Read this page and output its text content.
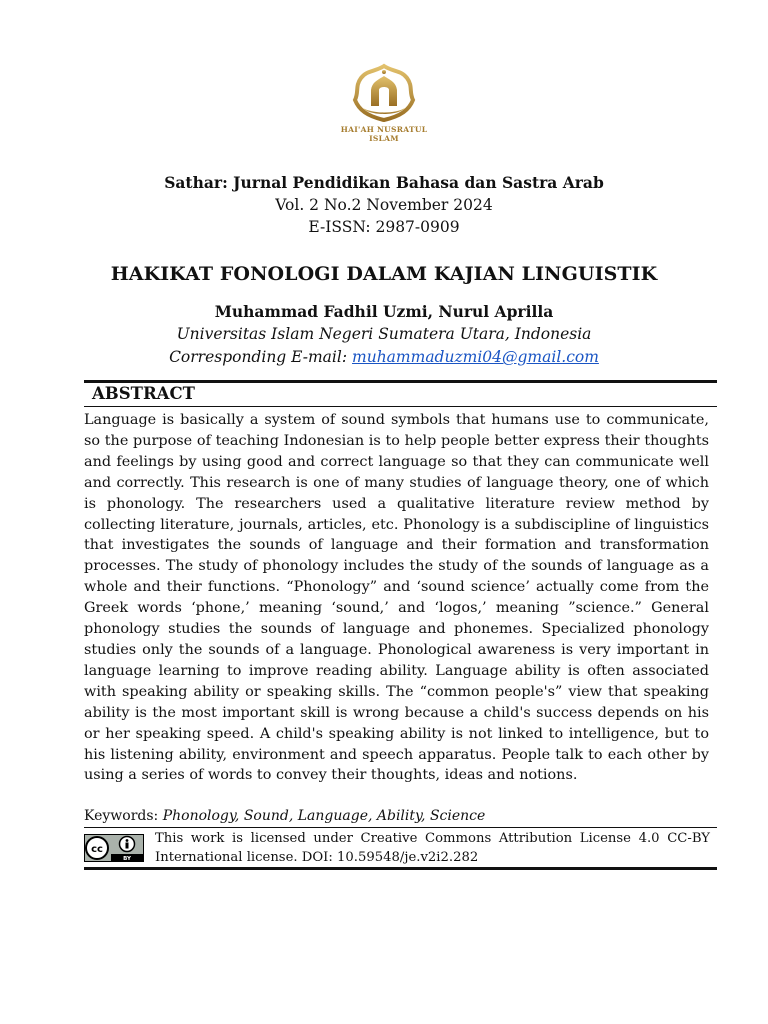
HAI'AH NUSRATUL
ISLAM
Sathar: Jurnal Pendidikan Bahasa dan Sastra Arab
Vol. 2 No.2 November 2024
E-ISSN: 2987-0909
HAKIKAT FONOLOGI DALAM KAJIAN LINGUISTIK
Muhammad Fadhil Uzmi, Nurul Aprilla
Universitas Islam Negeri Sumatera Utara, Indonesia
Corresponding E-mail: muhammaduzmi04@gmail.com
ABSTRACT
Language is basically a system of sound symbols that humans use to communicate, so the purpose of teaching Indonesian is to help people better express their thoughts and feelings by using good and correct language so that they can communicate well and correctly. This research is one of many studies of language theory, one of which is phonology. The researchers used a qualitative literature review method by collecting literature, journals, articles, etc. Phonology is a subdiscipline of linguistics that investigates the sounds of language and their formation and transformation processes. The study of phonology includes the study of the sounds of language as a whole and their functions. “Phonology” and ‘sound science’ actually come from the Greek words ‘phone,’ meaning ‘sound,’ and ‘logos,’ meaning ”science.” General phonology studies the sounds of language and phonemes. Specialized phonology studies only the sounds of a language. Phonological awareness is very important in language learning to improve reading ability. Language ability is often associated with speaking ability or speaking skills. The “common people's” view that speaking ability is the most important skill is wrong because a child's success depends on his or her speaking speed. A child's speaking ability is not linked to intelligence, but to his listening ability, environment and speech apparatus. People talk to each other by using a series of words to convey their thoughts, ideas and notions.
Keywords: Phonology, Sound, Language, Ability, Science
cc
BY
This work is licensed under Creative Commons Attribution License 4.0 CC-BY International license. DOI: 10.59548/je.v2i2.282
